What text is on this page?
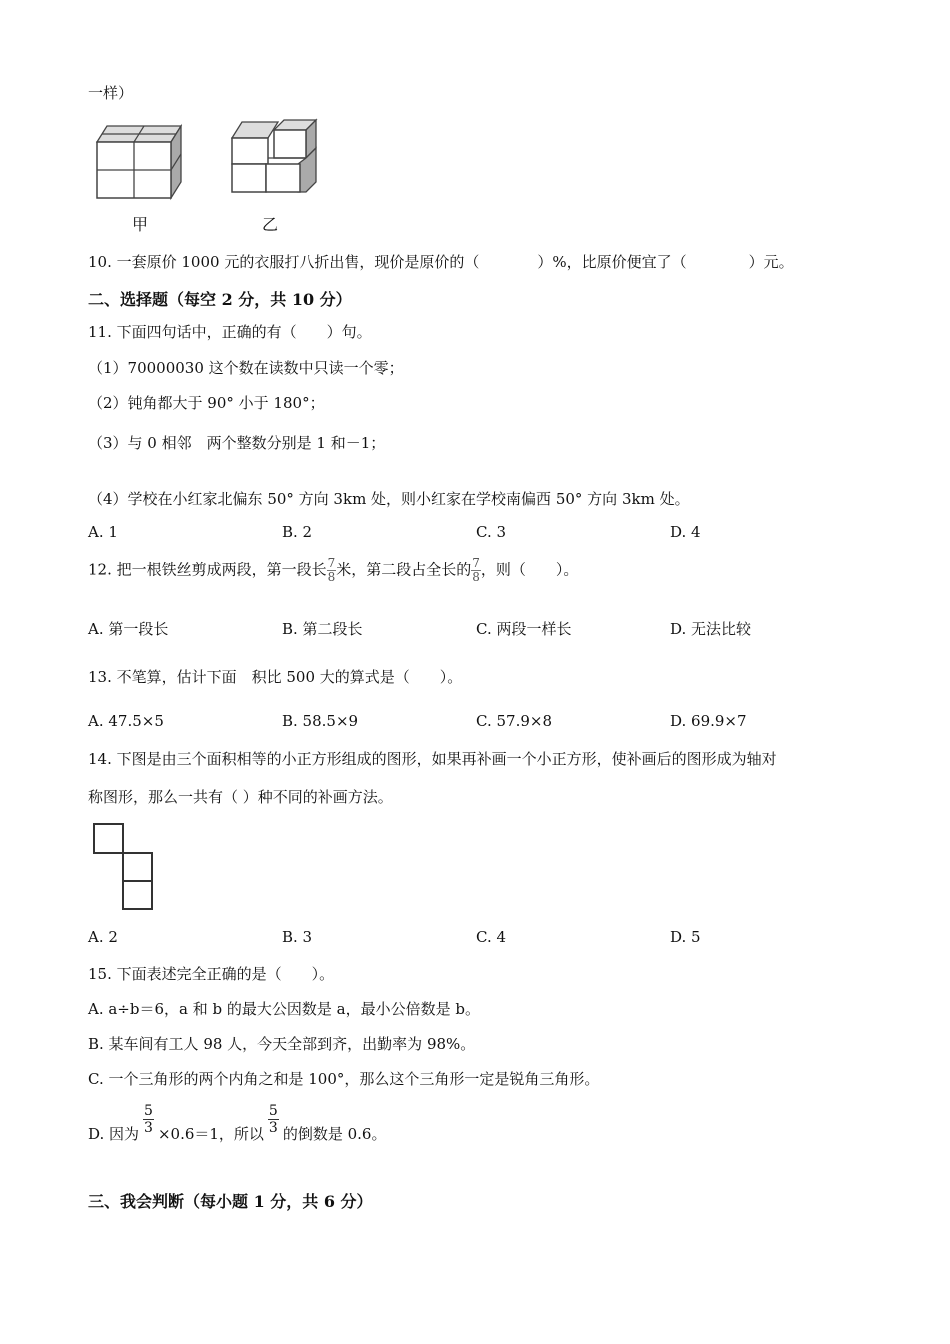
一样）
甲	乙
10. 一套原价 1000 元的衣服打八折出售，现价是原价的（	）%，比原价便宜了（	）元。
二、选择题（每空 2 分，共 10 分）
11. 下面四句话中，正确的有（　　）句。
（1）70000030 这个数在读数中只读一个零；
（2）钝角都大于 90° 小于 180°；
（3）与 0 相邻　两个整数分别是 1 和－1；
（4）学校在小红家北偏东 50° 方向 3km 处，则小红家在学校南偏西 50° 方向 3km 处。
A. 1	B. 2	C. 3	D. 4
12. 把一根铁丝剪成两段，第一段长 $\frac{7}{8}$ 米，第二段占全长的 $\frac{7}{8}$ ，则（　　）。
A. 第一段长	B. 第二段长	C. 两段一样长	D. 无法比较
13. 不笔算，估计下面　积比 500 大的算式是（　　）。
A. 47.5×5	B. 58.5×9	C. 57.9×8	D. 69.9×7
14. 下图是由三个面积相等的小正方形组成的图形，如果再补画一个小正方形，使补画后的图形成为轴对
称图形，那么一共有（ ）种不同的补画方法。
A. 2	B. 3	C. 4	D. 5
15. 下面表述完全正确的是（　　）。
A. a÷b＝6，a 和 b 的最大公因数是 a，最小公倍数是 b。
B. 某车间有工人 98 人，今天全部到齐，出勤率为 98%。
C. 一个三角形的两个内角之和是 100°，那么这个三角形一定是锐角三角形。
D. 因为 $\frac{5}{3} \times 0.6=1$，所以 $\frac{5}{3}$ 的倒数是 0.6。
三、我会判断（每小题 1 分，共 6 分）
